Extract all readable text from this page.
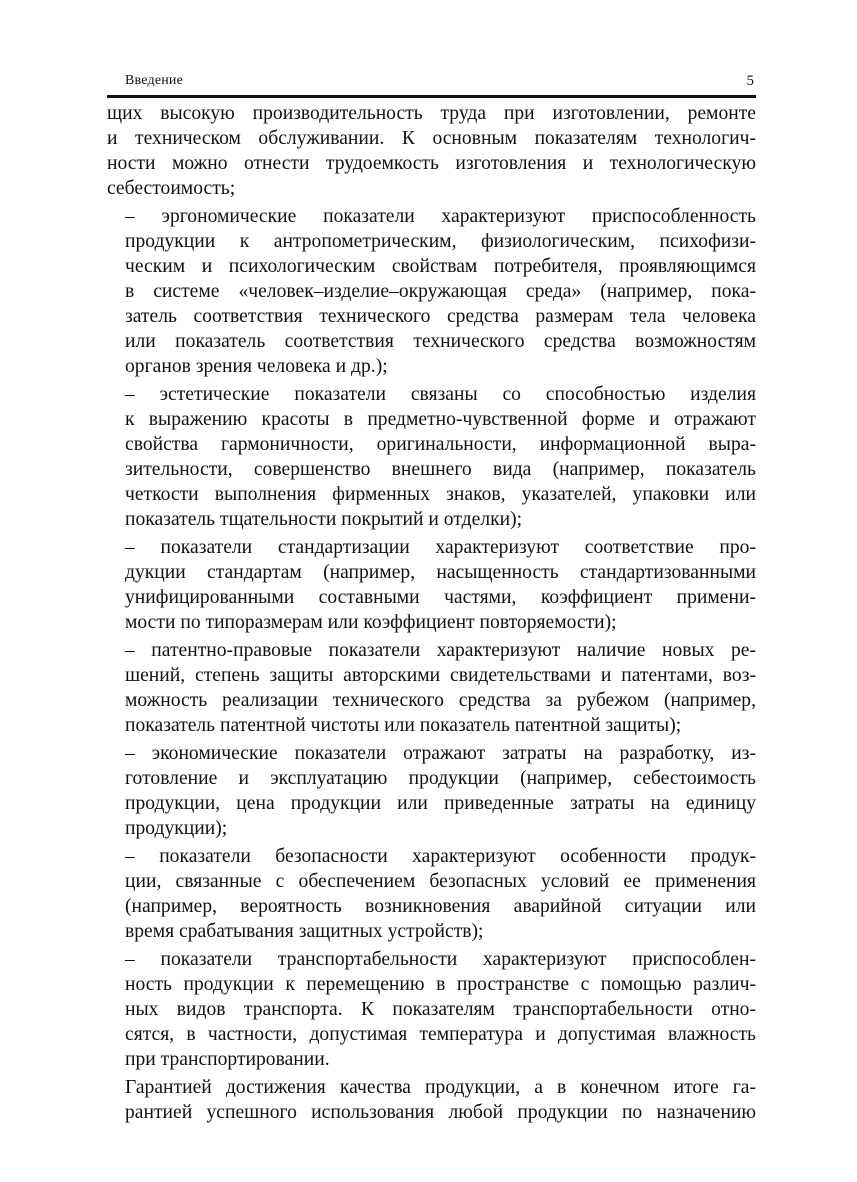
Введение	5

щих высокую производительность труда при изготовлении, ремонте
и техническом обслуживании. К основным показателям технологич-
ности можно отнести трудоемкость изготовления и технологическую
себестоимость;

– эргономические показатели характеризуют приспособленность
продукции к антропометрическим, физиологическим, психофизи-
ческим и психологическим свойствам потребителя, проявляющимся
в системе «человек–изделие–окружающая среда» (например, пока-
затель соответствия технического средства размерам тела человека
или показатель соответствия технического средства возможностям
органов зрения человека и др.);

– эстетические показатели связаны со способностью изделия
к выражению красоты в предметно-чувственной форме и отражают
свойства гармоничности, оригинальности, информационной выра-
зительности, совершенство внешнего вида (например, показатель
четкости выполнения фирменных знаков, указателей, упаковки или
показатель тщательности покрытий и отделки);

– показатели стандартизации характеризуют соответствие про-
дукции стандартам (например, насыщенность стандартизованными
унифицированными составными частями, коэффициент примени-
мости по типоразмерам или коэффициент повторяемости);

– патентно-правовые показатели характеризуют наличие новых ре-
шений, степень защиты авторскими свидетельствами и патентами, воз-
можность реализации технического средства за рубежом (например,
показатель патентной чистоты или показатель патентной защиты);

– экономические показатели отражают затраты на разработку, из-
готовление и эксплуатацию продукции (например, себестоимость
продукции, цена продукции или приведенные затраты на единицу
продукции);

– показатели безопасности характеризуют особенности продук-
ции, связанные с обеспечением безопасных условий ее применения
(например, вероятность возникновения аварийной ситуации или
время срабатывания защитных устройств);

– показатели транспортабельности характеризуют приспособлен-
ность продукции к перемещению в пространстве с помощью различ-
ных видов транспорта. К показателям транспортабельности отно-
сятся, в частности, допустимая температура и допустимая влажность
при транспортировании.

Гарантией достижения качества продукции, а в конечном итоге га-
рантией успешного использования любой продукции по назначению
